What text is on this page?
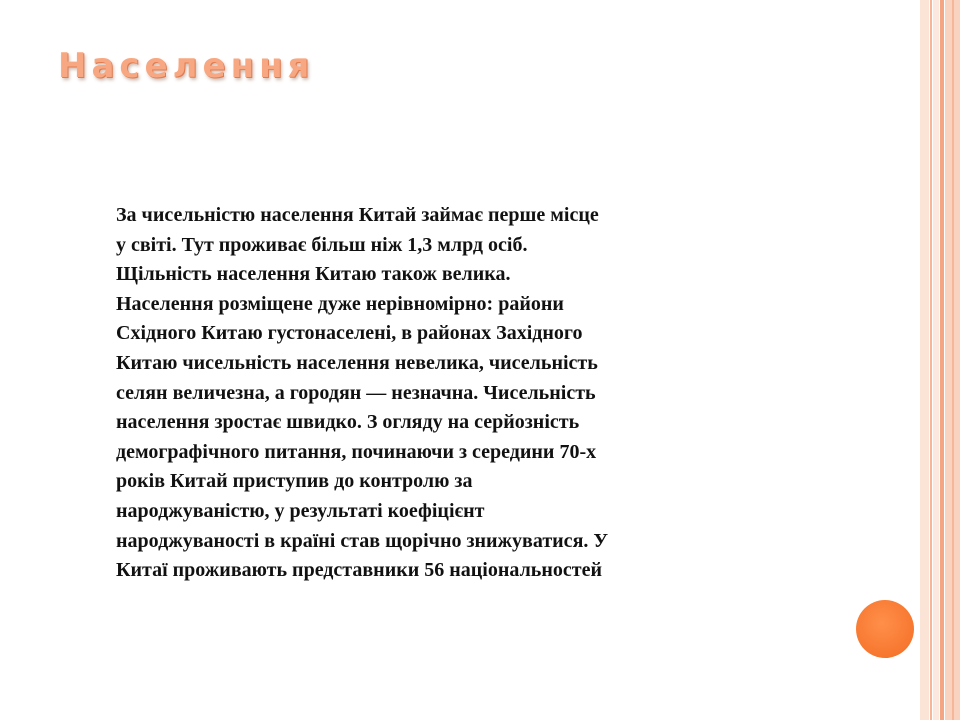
Населення
За чисельністю населення Китай займає перше місце
у світі. Тут проживає більш ніж 1,3 млрд осіб.
Щільність населення Китаю також велика.
Населення розміщене дуже нерівномірно: райони
Східного Китаю густонаселені, в районах Західного
Китаю чисельність населення невелика, чисельність
селян величезна, а городян — незначна. Чисельність
населення зростає швидко. З огляду на серйозність
демографічного питання, починаючи з середини 70-х
років Китай приступив до контролю за
народжуваністю, у результаті коефіцієнт
народжуваності в країні став щорічно знижуватися. У
Китаї проживають представники 56 національностей
